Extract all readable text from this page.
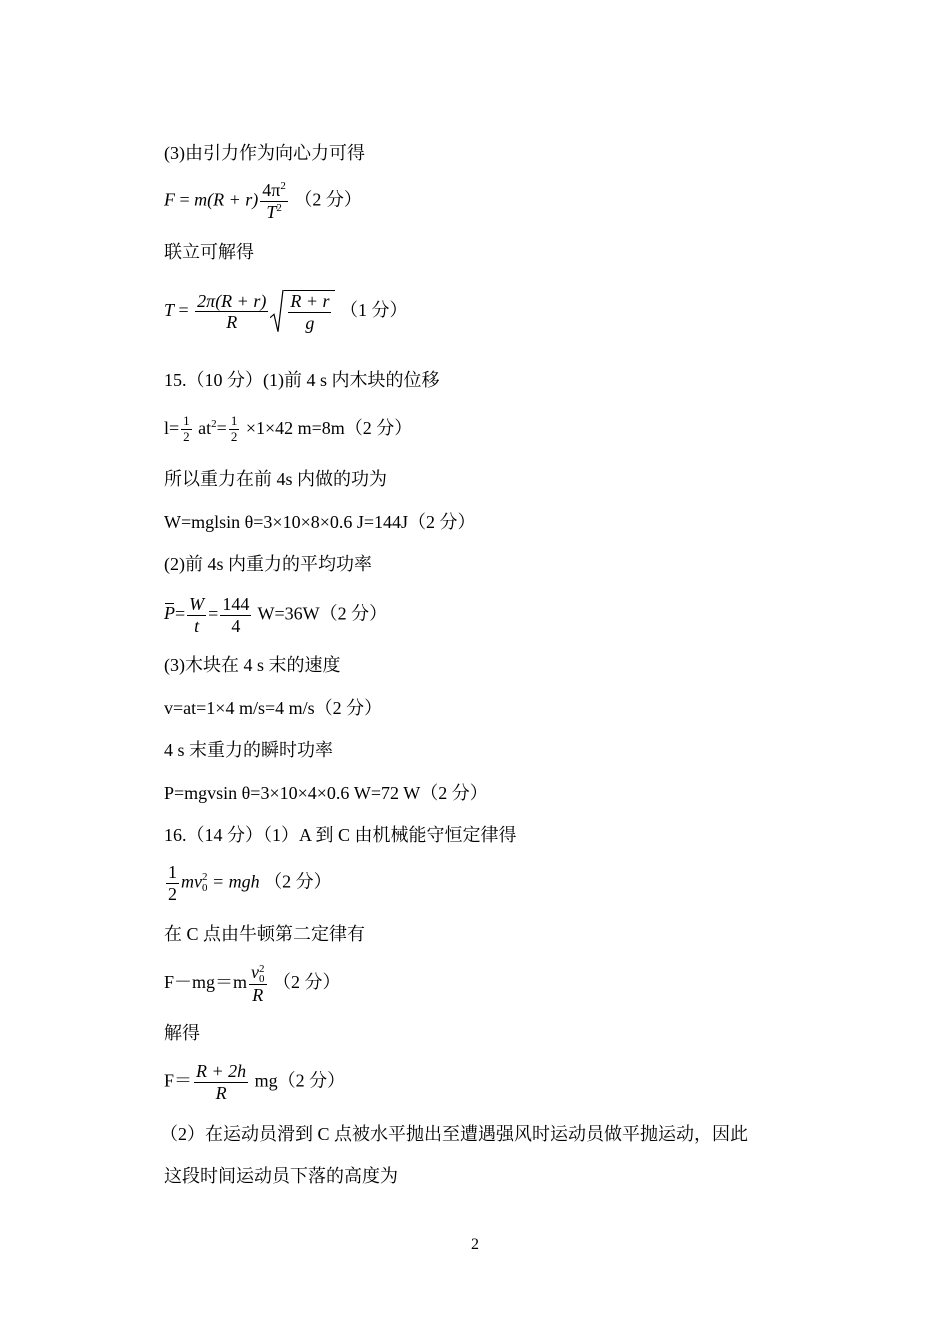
(3)由引力作为向心力可得
$F = m(R + r) \frac{4\pi^2}{T^2} (2$ 分）
联立可解得
$T = \frac{2\pi(R + r)}{R} \frac{R + r}{g} (1$ 分）
15.（10 分）(1)前 4 s 内木块的位移
$l= \frac{1}{2} at^2= \frac{1}{2} \times 1\times 42$ m=8m（2 分）
所以重力在前 4s 内做的功为
W=mglsin θ=3×10×8×0.6 J=144J（2 分）
(2)前 4s 内重力的平均功率
$P= \frac{W}{t} = \frac{144}{4} W=36W(2$ 分）
(3)木块在 4 s 末的速度
v=at=1×4 m/s=4 m/s（2 分）
4 s 末重力的瞬时功率
P=mgvsin θ=3×10×4×0.6 W=72 W（2 分）
16.（14 分）（1）A 到 C 由机械能守恒定律得
$\frac{1}{2}$ mv 2
0 = mgh （2 分）
在 C 点由牛顿第二定律有
F－mg＝m v 2
0
R （2 分）
解得
$F= \frac{R + 2h}{R} mg(2$ 分）
（2）在运动员滑到 C 点被水平抛出至遭遇强风时运动员做平抛运动，因此
这段时间运动员下落的高度为
2
